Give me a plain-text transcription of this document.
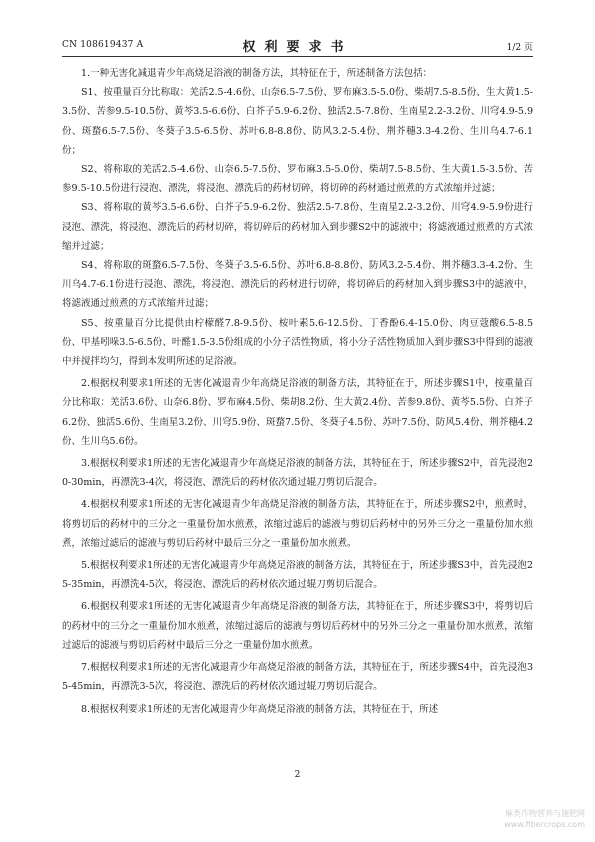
CN 108619437 A	权利要求书	1/2 页

1.一种无害化减退青少年高烧足浴液的制备方法，其特征在于，所述制备方法包括：

S1、按重量百分比称取：羌活2.5-4.6份、山奈6.5-7.5份、罗布麻3.5-5.0份、柴胡7.5-8.5份、生大黄1.5-3.5份、苦参9.5-10.5份、黄芩3.5-6.6份、白芥子5.9-6.2份、独活2.5-7.8份、生南星2.2-3.2份、川穹4.9-5.9份、斑蝥6.5-7.5份、冬葵子3.5-6.5份、苏叶6.8-8.8份、防风3.2-5.4份、荆芥穗3.3-4.2份、生川乌4.7-6.1份；

S2、将称取的羌活2.5-4.6份、山奈6.5-7.5份、罗布麻3.5-5.0份、柴胡7.5-8.5份、生大黄1.5-3.5份、苦参9.5-10.5份进行浸泡、漂洗，将浸泡、漂洗后的药材切碎，将切碎的药材通过煎煮的方式浓缩并过滤；

S3、将称取的黄芩3.5-6.6份、白芥子5.9-6.2份、独活2.5-7.8份、生南星2.2-3.2份、川穹4.9-5.9份进行浸泡、漂洗，将浸泡、漂洗后的药材切碎，将切碎后的药材加入到步骤S2中的滤液中；将滤液通过煎煮的方式浓缩并过滤；

S4、将称取的斑蝥6.5-7.5份、冬葵子3.5-6.5份、苏叶6.8-8.8份、防风3.2-5.4份、荆芥穗3.3-4.2份、生川乌4.7-6.1份进行浸泡、漂洗，将浸泡、漂洗后的药材进行切碎，将切碎后的药材加入到步骤S3中的滤液中，将滤液通过煎煮的方式浓缩并过滤；

S5、按重量百分比提供由柠檬醛7.8-9.5份、桉叶素5.6-12.5份、丁香酚6.4-15.0份、肉豆蔻酸6.5-8.5份、甲基吲哚3.5-6.5份、叶醛1.5-3.5份组成的小分子活性物质，将小分子活性物质加入到步骤S3中得到的滤液中并搅拌均匀，得到本发明所述的足浴液。

2.根据权利要求1所述的无害化减退青少年高烧足浴液的制备方法，其特征在于，所述步骤S1中，按重量百分比称取：羌活3.6份、山奈6.8份、罗布麻4.5份、柴胡8.2份、生大黄2.4份、苦参9.8份、黄芩5.5份、白芥子6.2份、独活5.6份、生南星3.2份、川穹5.9份、斑蝥7.5份、冬葵子4.5份、苏叶7.5份、防风5.4份、荆芥穗4.2份、生川乌5.6份。

3.根据权利要求1所述的无害化减退青少年高烧足浴液的制备方法，其特征在于，所述步骤S2中，首先浸泡20-30min，再漂洗3-4次，将浸泡、漂洗后的药材依次通过辊刀剪切后混合。

4.根据权利要求1所述的无害化减退青少年高烧足浴液的制备方法，其特征在于，所述步骤S2中，煎煮时，将剪切后的药材中的三分之一重量份加水煎煮，浓缩过滤后的滤液与剪切后药材中的另外三分之一重量份加水煎煮，浓缩过滤后的滤液与剪切后药材中最后三分之一重量份加水煎煮。

5.根据权利要求1所述的无害化减退青少年高烧足浴液的制备方法，其特征在于，所述步骤S3中，首先浸泡25-35min，再漂洗4-5次，将浸泡、漂洗后的药材依次通过辊刀剪切后混合。

6.根据权利要求1所述的无害化减退青少年高烧足浴液的制备方法，其特征在于，所述步骤S3中，将剪切后的药材中的三分之一重量份加水煎煮，浓缩过滤后的滤液与剪切后药材中的另外三分之一重量份加水煎煮，浓缩过滤后的滤液与剪切后药材中最后三分之一重量份加水煎煮。

7.根据权利要求1所述的无害化减退青少年高烧足浴液的制备方法，其特征在于，所述步骤S4中，首先浸泡35-45min，再漂洗3-5次，将浸泡、漂洗后的药材依次通过辊刀剪切后混合。

8.根据权利要求1所述的无害化减退青少年高烧足浴液的制备方法，其特征在于，所述

2
麻类作物营养与施肥网
www.fibercrops.com
